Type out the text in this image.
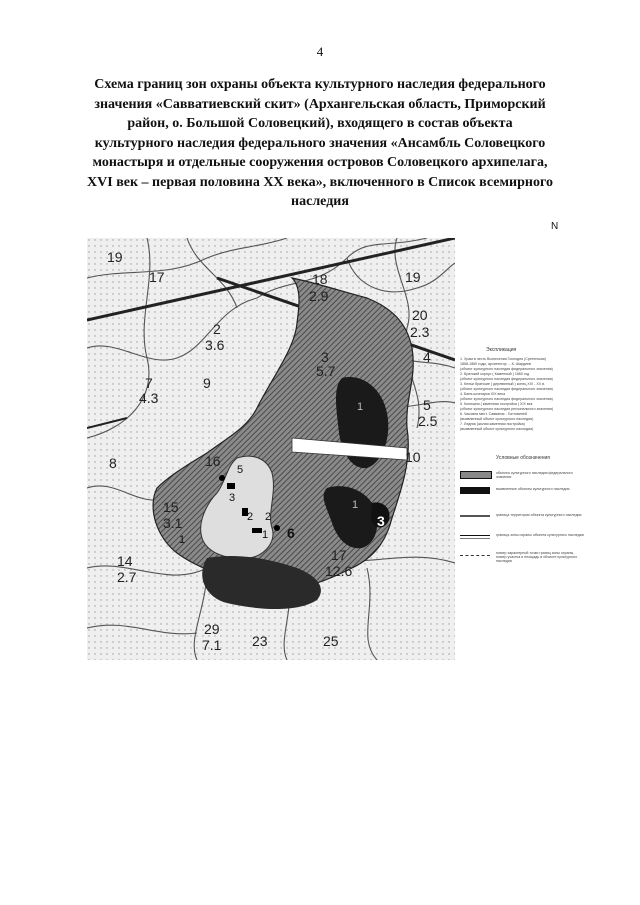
4
Схема границ зон охраны объекта культурного наследия федерального
значения «Савватиевский скит» (Архангельская область, Приморский
район, о. Большой Соловецкий), входящего в состав объекта
культурного наследия федерального значения «Ансамбль Соловецкого
монастыря и отдельные сооружения островов Соловецкого архипелага,
XVI век – первая половина XX века», включенного в Список всемирного
наследия
N
19
17	18
2.9
19
2
3.6
20
2.3
3
5.7
4
7
4.3
9
5
2.5
8	10
16
15
3.1
17
12.6
14
2.7
29
7.1 23	25
1
1
1
2
3
5
6
1
2	3
Экспликация
1. Храм в честь Вознесения Господня (Сретенская)
1858-1860 годы, архитектор ... К. Шардиев
(объект культурного наследия федерального значения)
2. Братский корпус ( Каменный ) 1860 год
(объект культурного наследия федерального значения)
3. Кельи братские ( деревянный ) конец XIX - XX в.
(объект культурного наследия федерального значения)
4. Баня-кочегарка XIX века
(объект культурного наследия федерального значения)
5. Конюшня ( каменная постройка ) XIX век
(объект культурного наследия регионального значения)
6. Часовня мест. Савватия - Гонтовиней
(выявленный объект культурного наследия)
7. Ледник (жилая каменная постройка)
(выявленный объект культурного наследия)
Условные обозначения
объекты культурного наследия федерального значения
выявленные объекты культурного наследия
граница территории объекта культурного наследия
граница зоны охраны объекта культурного наследия
номер характерной точки границ зоны охраны, номер участка и площадь в объекте культурного наследия
